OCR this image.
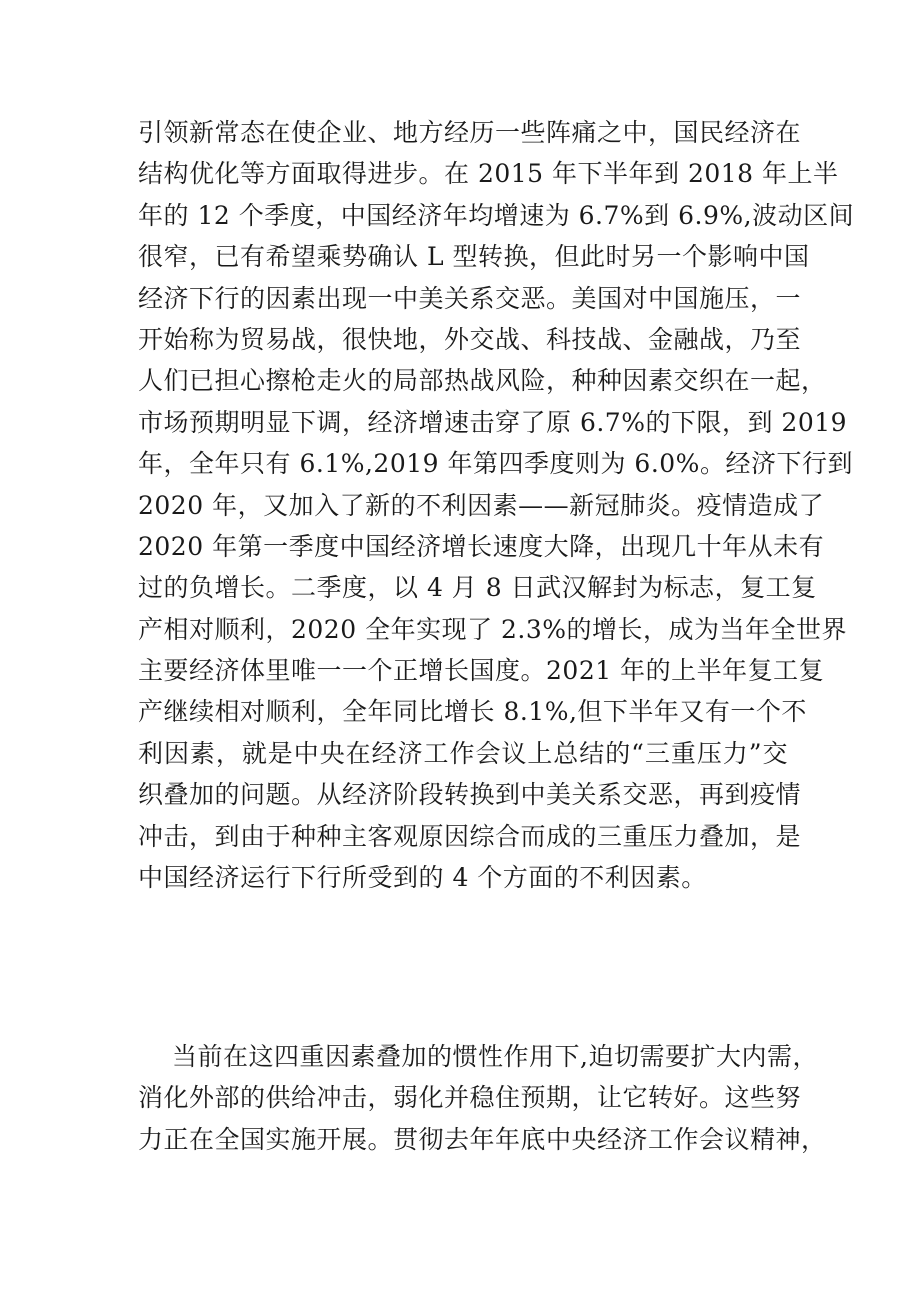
引领新常态在使企业、地方经历一些阵痛之中，国民经济在
结构优化等方面取得进步。在 2015 年下半年到 2018 年上半
年的 12 个季度，中国经济年均增速为 6.7%到 6.9%,波动区间
很窄，已有希望乘势确认 L 型转换，但此时另一个影响中国
经济下行的因素出现一中美关系交恶。美国对中国施压，一
开始称为贸易战，很快地，外交战、科技战、金融战，乃至
人们已担心擦枪走火的局部热战风险，种种因素交织在一起，
市场预期明显下调，经济增速击穿了原 6.7%的下限，到 2019
年，全年只有 6.1%,2019 年第四季度则为 6.0%。经济下行到
2020 年，又加入了新的不利因素——新冠肺炎。疫情造成了
2020 年第一季度中国经济增长速度大降，出现几十年从未有
过的负增长。二季度，以 4 月 8 日武汉解封为标志，复工复
产相对顺利，2020 全年实现了 2.3%的增长，成为当年全世界
主要经济体里唯一一个正增长国度。2021 年的上半年复工复
产继续相对顺利，全年同比增长 8.1%,但下半年又有一个不
利因素，就是中央在经济工作会议上总结的“三重压力”交
织叠加的问题。从经济阶段转换到中美关系交恶，再到疫情
冲击，到由于种种主客观原因综合而成的三重压力叠加，是
中国经济运行下行所受到的 4 个方面的不利因素。
当前在这四重因素叠加的惯性作用下,迫切需要扩大内需，
消化外部的供给冲击，弱化并稳住预期，让它转好。这些努
力正在全国实施开展。贯彻去年年底中央经济工作会议精神，
